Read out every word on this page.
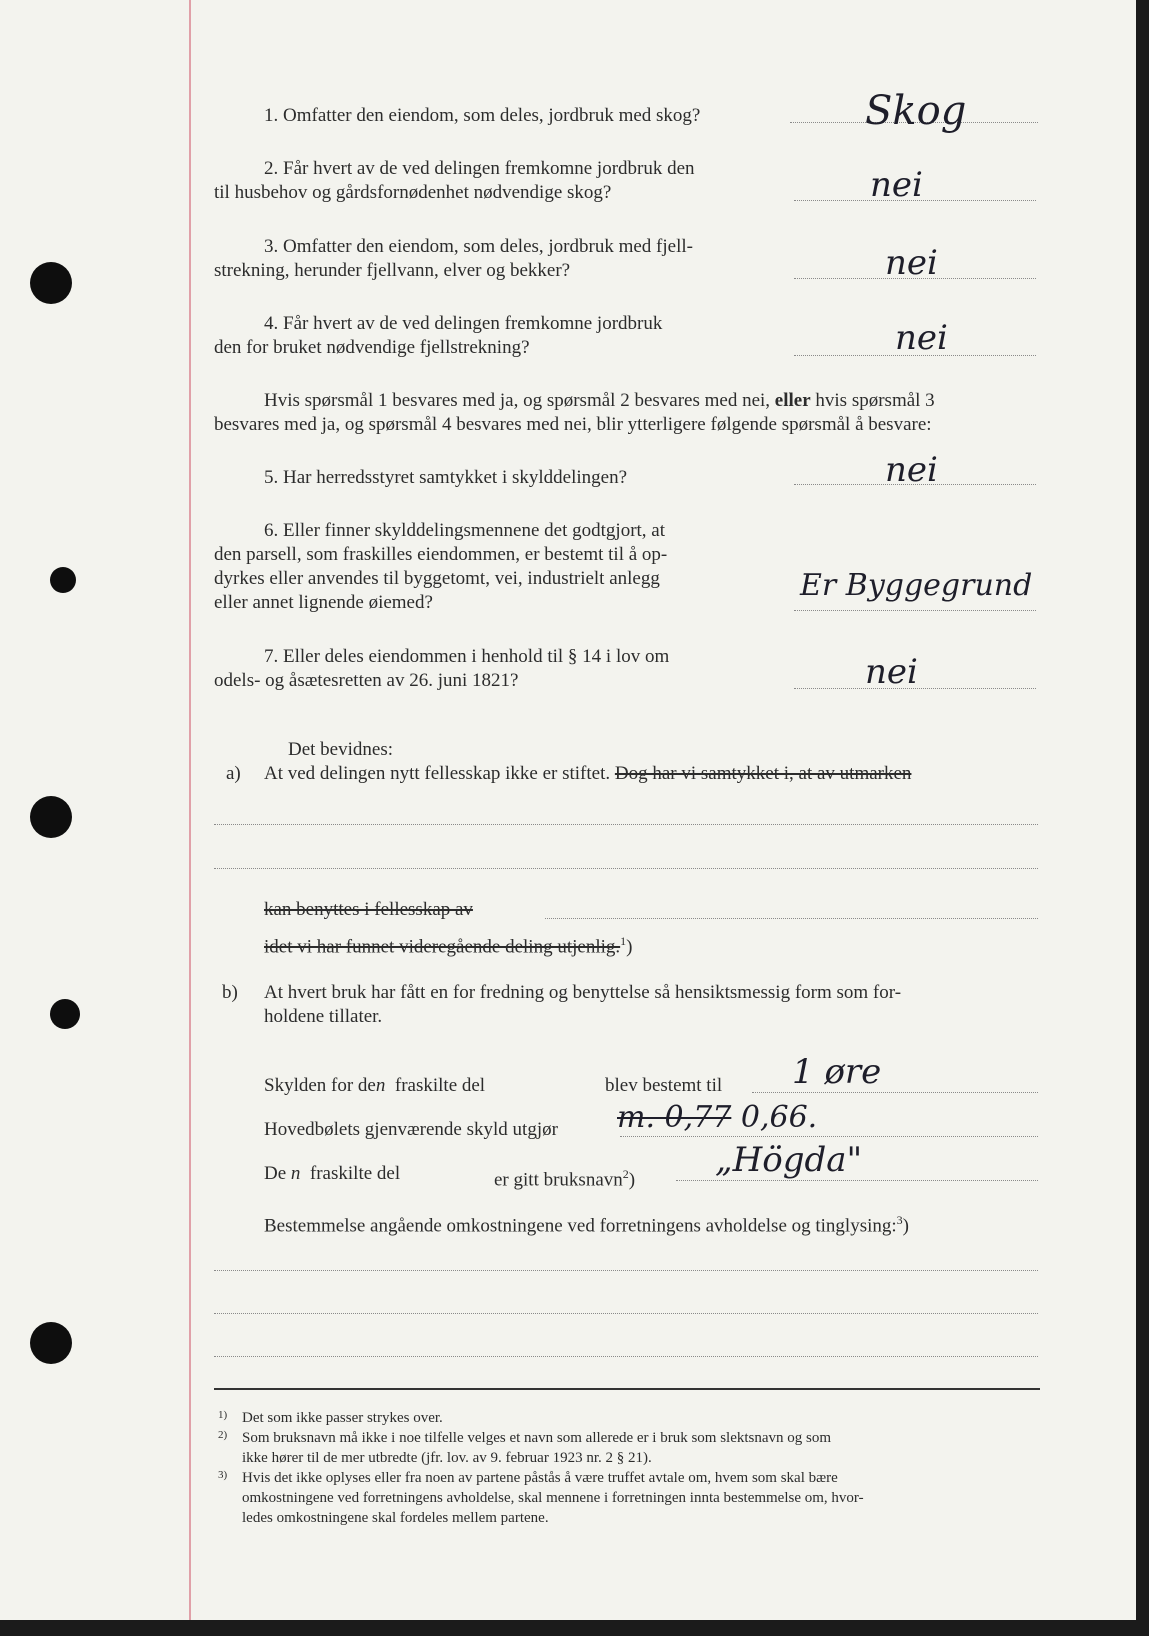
1. Omfatter den eiendom, som deles, jordbruk med skog?	Skog
2. Får hvert av de ved delingen fremkomne jordbruk den
til husbehov og gårdsfornødenhet nødvendige skog?	nei
3. Omfatter den eiendom, som deles, jordbruk med fjell-
strekning, herunder fjellvann, elver og bekker?	nei
4. Får hvert av de ved delingen fremkomne jordbruk
den for bruket nødvendige fjellstrekning?	nei
Hvis spørsmål 1 besvares med ja, og spørsmål 2 besvares med nei, eller hvis spørsmål 3
besvares med ja, og spørsmål 4 besvares med nei, blir ytterligere følgende spørsmål å besvare:
5. Har herredsstyret samtykket i skylddelingen?	nei
6. Eller finner skylddelingsmennene det godtgjort, at
den parsell, som fraskilles eiendommen, er bestemt til å op-
dyrkes eller anvendes til byggetomt, vei, industrielt anlegg
eller annet lignende øiemed?	Er Byggegrund
7. Eller deles eiendommen i henhold til § 14 i lov om
odels- og åsætesretten av 26. juni 1821?	nei
Det bevidnes:
a) At ved delingen nytt fellesskap ikke er stiftet. Dog har vi samtykket i, at av utmarken
kan benyttes i fellesskap av
idet vi har funnet videregående deling utjenlig.$^1$)
b) At hvert bruk har fått en for fredning og benyttelse så hensiktsmessig form som for-
holdene tillater.
Skylden for den fraskilte del	blev bestemt til 1 øre
Hovedbølets gjenværende skyld utgjør m. 0,77 0,66.
De n fraskilte del	er gitt bruksnavn$^2$) „Högda"
Bestemmelse angående omkostningene ved forretningens avholdelse og tinglysing:$^3$)
1) Det som ikke passer strykes over.
2) Som bruksnavn må ikke i noe tilfelle velges et navn som allerede er i bruk som slektsnavn og som
ikke hører til de mer utbredte (jfr. lov. av 9. februar 1923 nr. 2 § 21).
3) Hvis det ikke oplyses eller fra noen av partene påstås å være truffet avtale om, hvem som skal bære
omkostningene ved forretningens avholdelse, skal mennene i forretningen innta bestemmelse om, hvor-
ledes omkostningene skal fordeles mellem partene.
